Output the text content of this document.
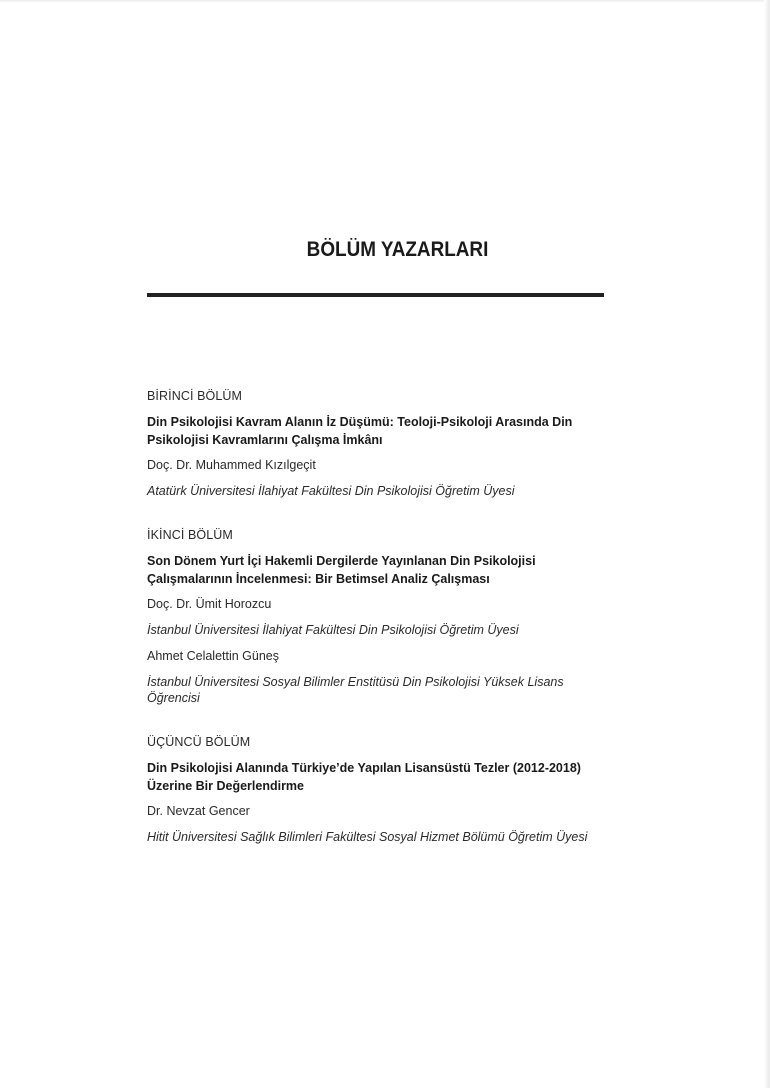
BÖLÜM YAZARLARI
BİRİNCİ BÖLÜM
Din Psikolojisi Kavram Alanın İz Düşümü: Teoloji-Psikoloji Arasında Din
Psikolojisi Kavramlarını Çalışma İmkânı
Doç. Dr. Muhammed Kızılgeçit
Atatürk Üniversitesi İlahiyat Fakültesi Din Psikolojisi Öğretim Üyesi
İKİNCİ BÖLÜM
Son Dönem Yurt İçi Hakemli Dergilerde Yayınlanan Din Psikolojisi
Çalışmalarının İncelenmesi: Bir Betimsel Analiz Çalışması
Doç. Dr. Ümit Horozcu
İstanbul Üniversitesi İlahiyat Fakültesi Din Psikolojisi Öğretim Üyesi
Ahmet Celalettin Güneş
İstanbul Üniversitesi Sosyal Bilimler Enstitüsü Din Psikolojisi Yüksek Lisans Öğrencisi
ÜÇÜNCÜ BÖLÜM
Din Psikolojisi Alanında Türkiye’de Yapılan Lisansüstü Tezler (2012-2018)
Üzerine Bir Değerlendirme
Dr. Nevzat Gencer
Hitit Üniversitesi Sağlık Bilimleri Fakültesi Sosyal Hizmet Bölümü Öğretim Üyesi
